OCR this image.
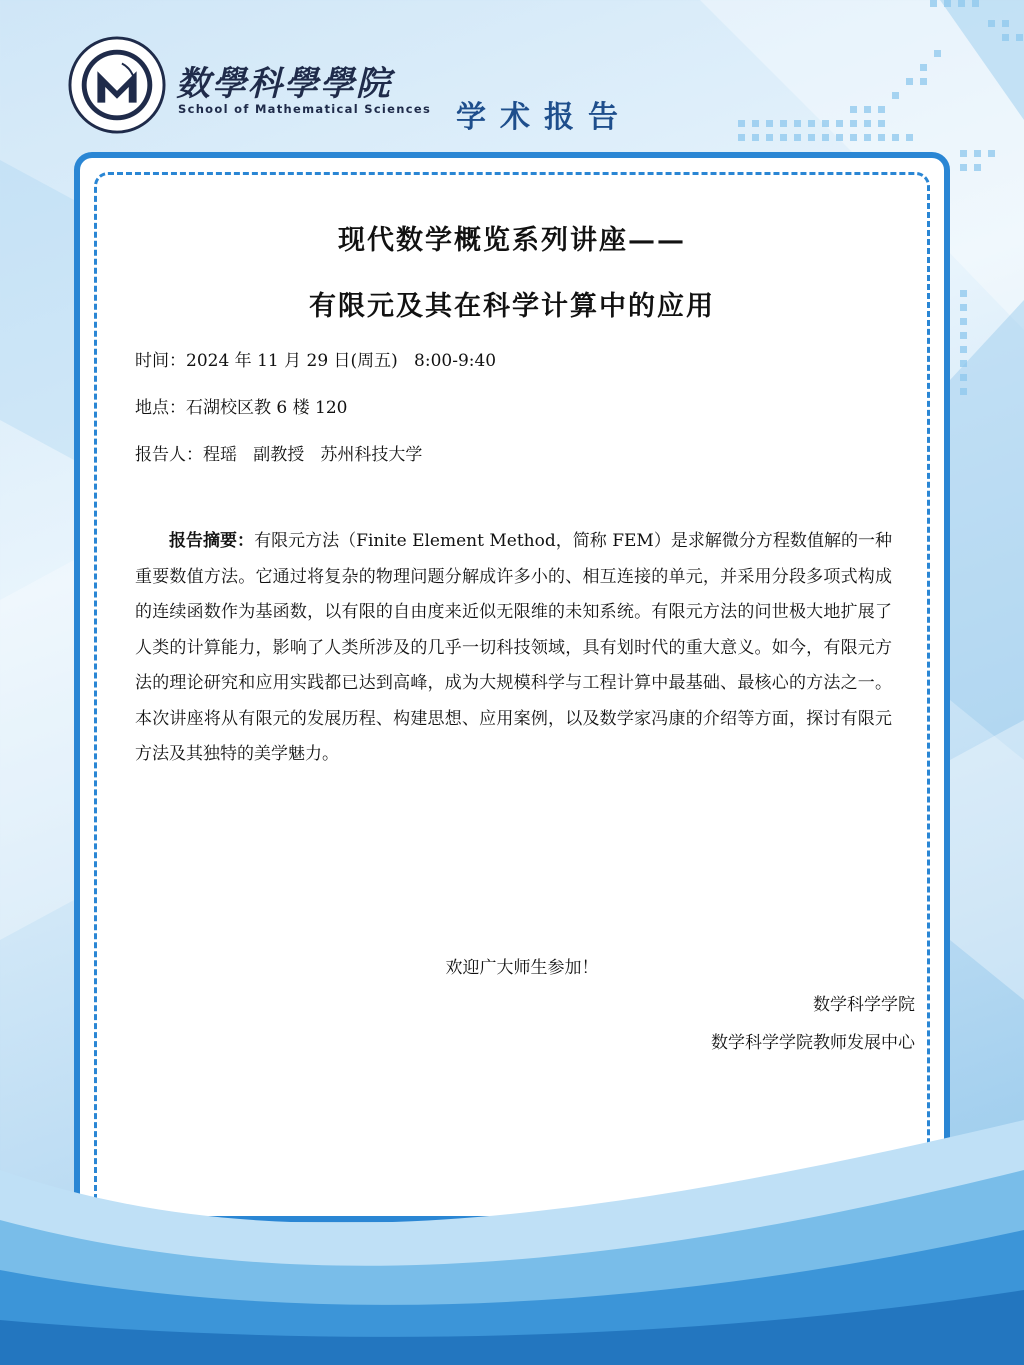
数學科學學院
School of Mathematical Sciences 学术报告
现代数学概览系列讲座——
有限元及其在科学计算中的应用
时间：2024 年 11 月 29 日(周五)   8:00-9:40
地点：石湖校区教 6 楼 120
报告人：程瑶   副教授   苏州科技大学
报告摘要：有限元方法（Finite Element Method，简称 FEM）是求解微分方程数值解的一种重要数值方法。它通过将复杂的物理问题分解成许多小的、相互连接的单元，并采用分段多项式构成的连续函数作为基函数，以有限的自由度来近似无限维的未知系统。有限元方法的问世极大地扩展了人类的计算能力，影响了人类所涉及的几乎一切科技领域，具有划时代的重大意义。如今，有限元方法的理论研究和应用实践都已达到高峰，成为大规模科学与工程计算中最基础、最核心的方法之一。本次讲座将从有限元的发展历程、构建思想、应用案例，以及数学家冯康的介绍等方面，探讨有限元方法及其独特的美学魅力。
欢迎广大师生参加！
数学科学学院
数学科学学院教师发展中心
